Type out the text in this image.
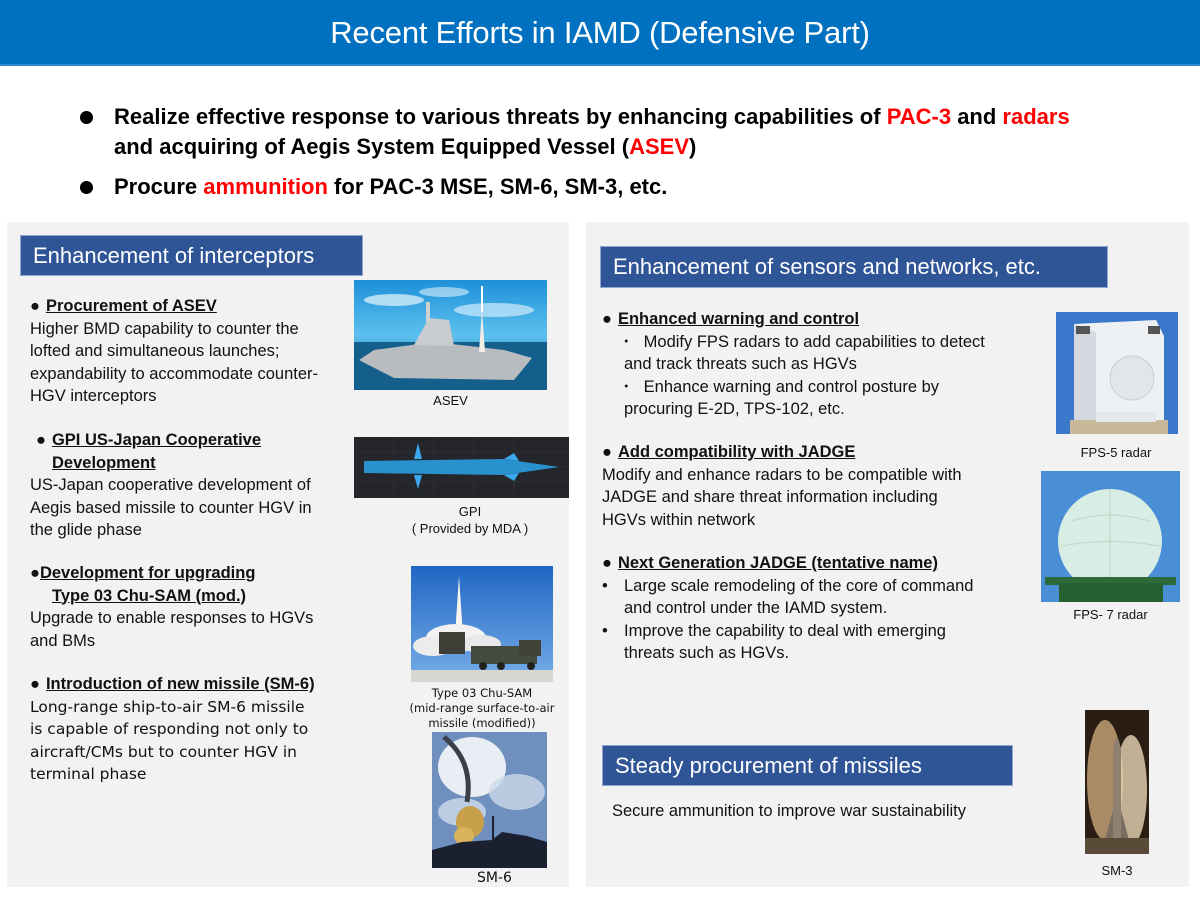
Recent Efforts in IAMD (Defensive Part)
Realize effective response to various threats by enhancing capabilities of PAC-3 and radars
and acquiring of Aegis System Equipped Vessel (ASEV)
Procure ammunition for PAC-3 MSE, SM-6, SM-3, etc.
Enhancement of interceptors
● Procurement of ASEV
Higher BMD capability to counter the
lofted and simultaneous launches;
expandability to accommodate counter-
HGV interceptors
● GPI US-Japan Cooperative
Development
US-Japan cooperative development of
Aegis based missile to counter HGV in
the glide phase
●Development for upgrading
Type 03 Chu-SAM (mod.)
Upgrade to enable responses to HGVs
and BMs
● Introduction of new missile (SM-6)
Long-range ship-to-air SM-6 missile
is capable of responding not only to
aircraft/CMs but to counter HGV in
terminal phase
ASEV
GPI
( Provided by MDA )
Type 03 Chu-SAM
(mid-range surface-to-air
missile (modified))
SM-6
Enhancement of sensors and networks, etc.
● Enhanced warning and control
・ Modify FPS radars to add capabilities to detect
and track threats such as HGVs
・ Enhance warning and control posture by
procuring E-2D, TPS-102, etc.
● Add compatibility with JADGE
Modify and enhance radars to be compatible with
JADGE and share threat information including
HGVs within network
● Next Generation JADGE (tentative name)
• Large scale remodeling of the core of command
and control under the IAMD system.
• Improve the capability to deal with emerging
threats such as HGVs.
FPS-5 radar
FPS- 7 radar
Steady procurement of missiles
Secure ammunition to improve war sustainability
SM-3
